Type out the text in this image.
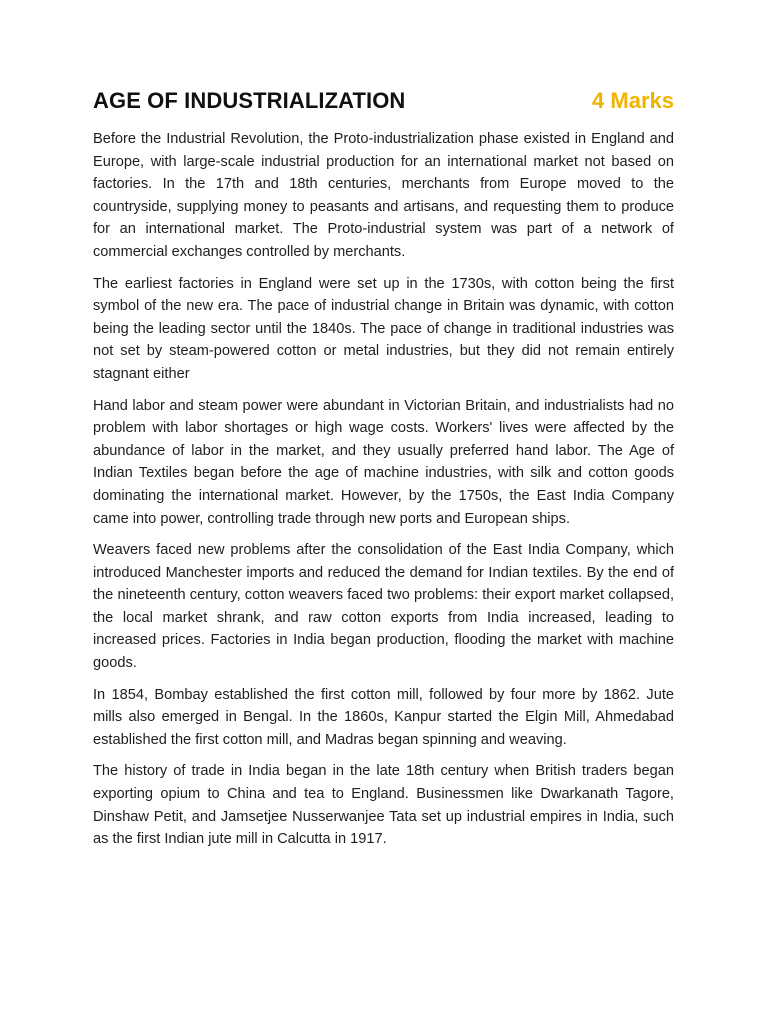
AGE OF INDUSTRIALIZATION	4 Marks

Before the Industrial Revolution, the Proto-industrialization phase existed in England and Europe, with large-scale industrial production for an international market not based on factories. In the 17th and 18th centuries, merchants from Europe moved to the countryside, supplying money to peasants and artisans, and requesting them to produce for an international market. The Proto-industrial system was part of a network of commercial exchanges controlled by merchants.

The earliest factories in England were set up in the 1730s, with cotton being the first symbol of the new era. The pace of industrial change in Britain was dynamic, with cotton being the leading sector until the 1840s. The pace of change in traditional industries was not set by steam-powered cotton or metal industries, but they did not remain entirely stagnant either

Hand labor and steam power were abundant in Victorian Britain, and industrialists had no problem with labor shortages or high wage costs. Workers' lives were affected by the abundance of labor in the market, and they usually preferred hand labor. The Age of Indian Textiles began before the age of machine industries, with silk and cotton goods dominating the international market. However, by the 1750s, the East India Company came into power, controlling trade through new ports and European ships.

Weavers faced new problems after the consolidation of the East India Company, which introduced Manchester imports and reduced the demand for Indian textiles. By the end of the nineteenth century, cotton weavers faced two problems: their export market collapsed, the local market shrank, and raw cotton exports from India increased, leading to increased prices. Factories in India began production, flooding the market with machine goods.

In 1854, Bombay established the first cotton mill, followed by four more by 1862. Jute mills also emerged in Bengal. In the 1860s, Kanpur started the Elgin Mill, Ahmedabad established the first cotton mill, and Madras began spinning and weaving.

The history of trade in India began in the late 18th century when British traders began exporting opium to China and tea to England. Businessmen like Dwarkanath Tagore, Dinshaw Petit, and Jamsetjee Nusserwanjee Tata set up industrial empires in India, such as the first Indian jute mill in Calcutta in 1917.
